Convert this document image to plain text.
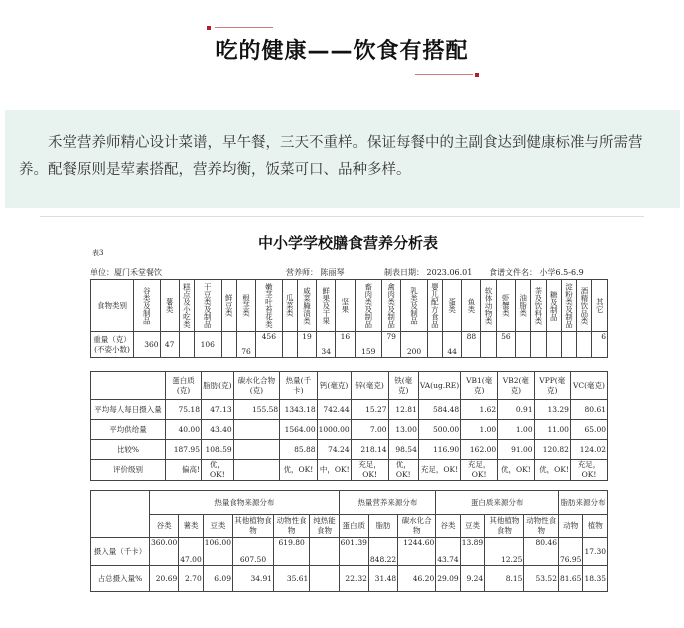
吃的健康——饮食有搭配

禾堂营养师精心设计菜谱，早午餐，三天不重样。保证每餐中的主副食达到健康标准与所需营养。配餐原则是荤素搭配，营养均衡，饭菜可口、品种多样。

中小学学校膳食营养分析表
表3
单位：厦门禾堂餐饮	营养师： 陈丽琴	制表日期： 2023.06.01 食谱文件名： 小学6.5-6.9
食物类别	谷类及制品	薯类	糕点及小吃类	干豆类及制品	鲜豆类	根茎类	嫩茎叶苔花类	瓜菜类	咸菜腌渍类	鲜果及干果	坚果	畜肉类及制品	禽肉类及制品	乳类及制品	婴儿配方食品	蛋类	鱼类	软体动物类	虾蟹类	油脂类	茶及饮料类	糖及制品	淀粉类及制品	酒精饮品类	其它
重量（克）(不姿小数)	360	47		106		76	456		19	34	16	159	79	200		44	88		56						6
	蛋白质(克)	脂肪(克)	碳水化合物(克)	热量(千卡)	钙(毫克)	锌(毫克)	铁(毫克)	VA(ug.RE)	VB1(毫克)	VB2(毫克)	VPP(毫克)	VC(毫克)
平均每人每日摄入量	75.18	47.13	155.58	1343.18	742.44	15.27	12.81	584.48	1.62	0.91	13.29	80.61
平均供给量	40.00	43.40		1564.00	1000.00	7.00	13.00	500.00	1.00	1.00	11.00	65.00
比较%	187.95	108.59		85.88	74.24	218.14	98.54	116.90	162.00	91.00	120.82	124.02
评价级别	偏高!	优，OK!		优，OK!	中，OK!	充足，OK!	优，OK!	充足，OK!	充足，OK!	优，OK!	优，OK!	充足，OK!
	热量食物来源分布						热量营养来源分布			蛋白质来源分布				脂肪来源分布	
	谷类	薯类	豆类	其他植物食物	动物性食物	纯热能食物	蛋白质	脂肪	碳水化合物	谷类	豆类	其他植物食物	动物性食物	动物	植物
摄入量（千卡）	360.00	47.00	106.00	607.50	619.80		601.39	848.22	1244.60	43.74	13.89	12.25	80.46	76.95	17.30
占总摄入量%	20.69	2.70	6.09	34.91	35.61		22.32	31.48	46.20	29.09	9.24	8.15	53.52	81.65	18.35
